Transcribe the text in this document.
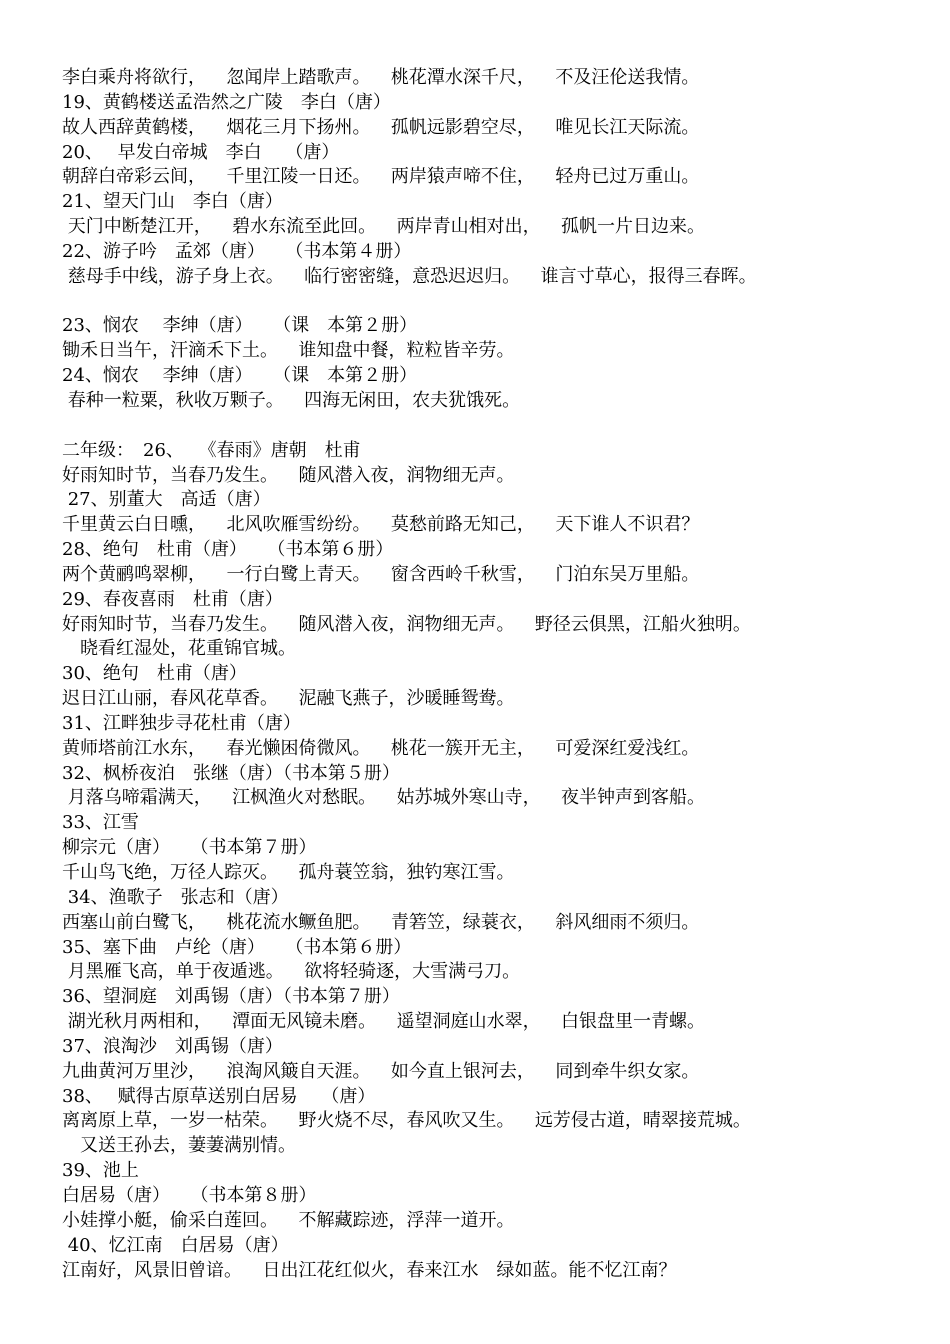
李白乘舟将欲行，　  忽闻岸上踏歌声。　  桃花潭水深千尺，　  不及汪伦送我情。
19、黄鹤楼送孟浩然之广陵　李白（唐）
故人西辞黄鹤楼，　  烟花三月下扬州。　  孤帆远影碧空尽，　  唯见长江天际流。
20、　 早发白帝城　李白　 （唐）
朝辞白帝彩云间，　  千里江陵一日还。　  两岸猿声啼不住，　  轻舟已过万重山。
21、望天门山　李白（唐）
天门中断楚江开，　  碧水东流至此回。　  两岸青山相对出，　  孤帆一片日边来。
22、游子吟　孟郊（唐）　  （书本第４册）
慈母手中线，游子身上衣。　  临行密密缝，意恐迟迟归。　  谁言寸草心，报得三春晖。
23、悯农　 李绅（唐）　  （课　本第２册）
锄禾日当午，汗滴禾下土。　  谁知盘中餐，粒粒皆辛劳。
24、悯农　 李绅（唐）　  （课　本第２册）
春种一粒粟，秋收万颗子。　  四海无闲田，农夫犹饿死。
二年级：　26、　 《春雨》唐朝　杜甫
好雨知时节，当春乃发生。　  随风潜入夜，润物细无声。
27、别董大　高适（唐）
千里黄云白日曛，　  北风吹雁雪纷纷。　  莫愁前路无知己，　  天下谁人不识君？
28、绝句　杜甫（唐）　  （书本第６册）
两个黄鹂鸣翠柳，　  一行白鹭上青天。　  窗含西岭千秋雪，　  门泊东吴万里船。
29、春夜喜雨　杜甫（唐）
好雨知时节，当春乃发生。　  随风潜入夜，润物细无声。　  野径云俱黑，江船火独明。
　晓看红湿处，花重锦官城。
30、绝句　杜甫（唐）
迟日江山丽，春风花草香。　  泥融飞燕子，沙暖睡鸳鸯。
31、江畔独步寻花杜甫（唐）
黄师塔前江水东，　  春光懒困倚微风。　  桃花一簇开无主，　  可爱深红爱浅红。
32、枫桥夜泊　张继（唐）（书本第５册）
月落乌啼霜满天，　  江枫渔火对愁眠。　  姑苏城外寒山寺，　  夜半钟声到客船。
33、江雪
柳宗元（唐）　  （书本第７册）
千山鸟飞绝，万径人踪灭。　  孤舟蓑笠翁，独钓寒江雪。
34、渔歌子　张志和（唐）
西塞山前白鹭飞，　  桃花流水鳜鱼肥。　  青箬笠，绿蓑衣，　  斜风细雨不须归。
35、塞下曲　卢纶（唐）　  （书本第６册）
月黑雁飞高，单于夜遁逃。　  欲将轻骑逐，大雪满弓刀。
36、望洞庭　刘禹锡（唐）（书本第７册）
湖光秋月两相和，　  潭面无风镜未磨。　  遥望洞庭山水翠，　  白银盘里一青螺。
37、浪淘沙　刘禹锡（唐）
九曲黄河万里沙，　  浪淘风簸自天涯。　  如今直上银河去，　  同到牵牛织女家。
38、　 赋得古原草送别白居易　 （唐）
离离原上草，一岁一枯荣。　  野火烧不尽，春风吹又生。　  远芳侵古道，晴翠接荒城。
　又送王孙去，萋萋满别情。
39、池上
白居易（唐）　  （书本第８册）
小娃撑小艇，偷采白莲回。　  不解藏踪迹，浮萍一道开。
40、忆江南　白居易（唐）
江南好，风景旧曾谙。　  日出江花红似火，春来江水　绿如蓝。能不忆江南？
